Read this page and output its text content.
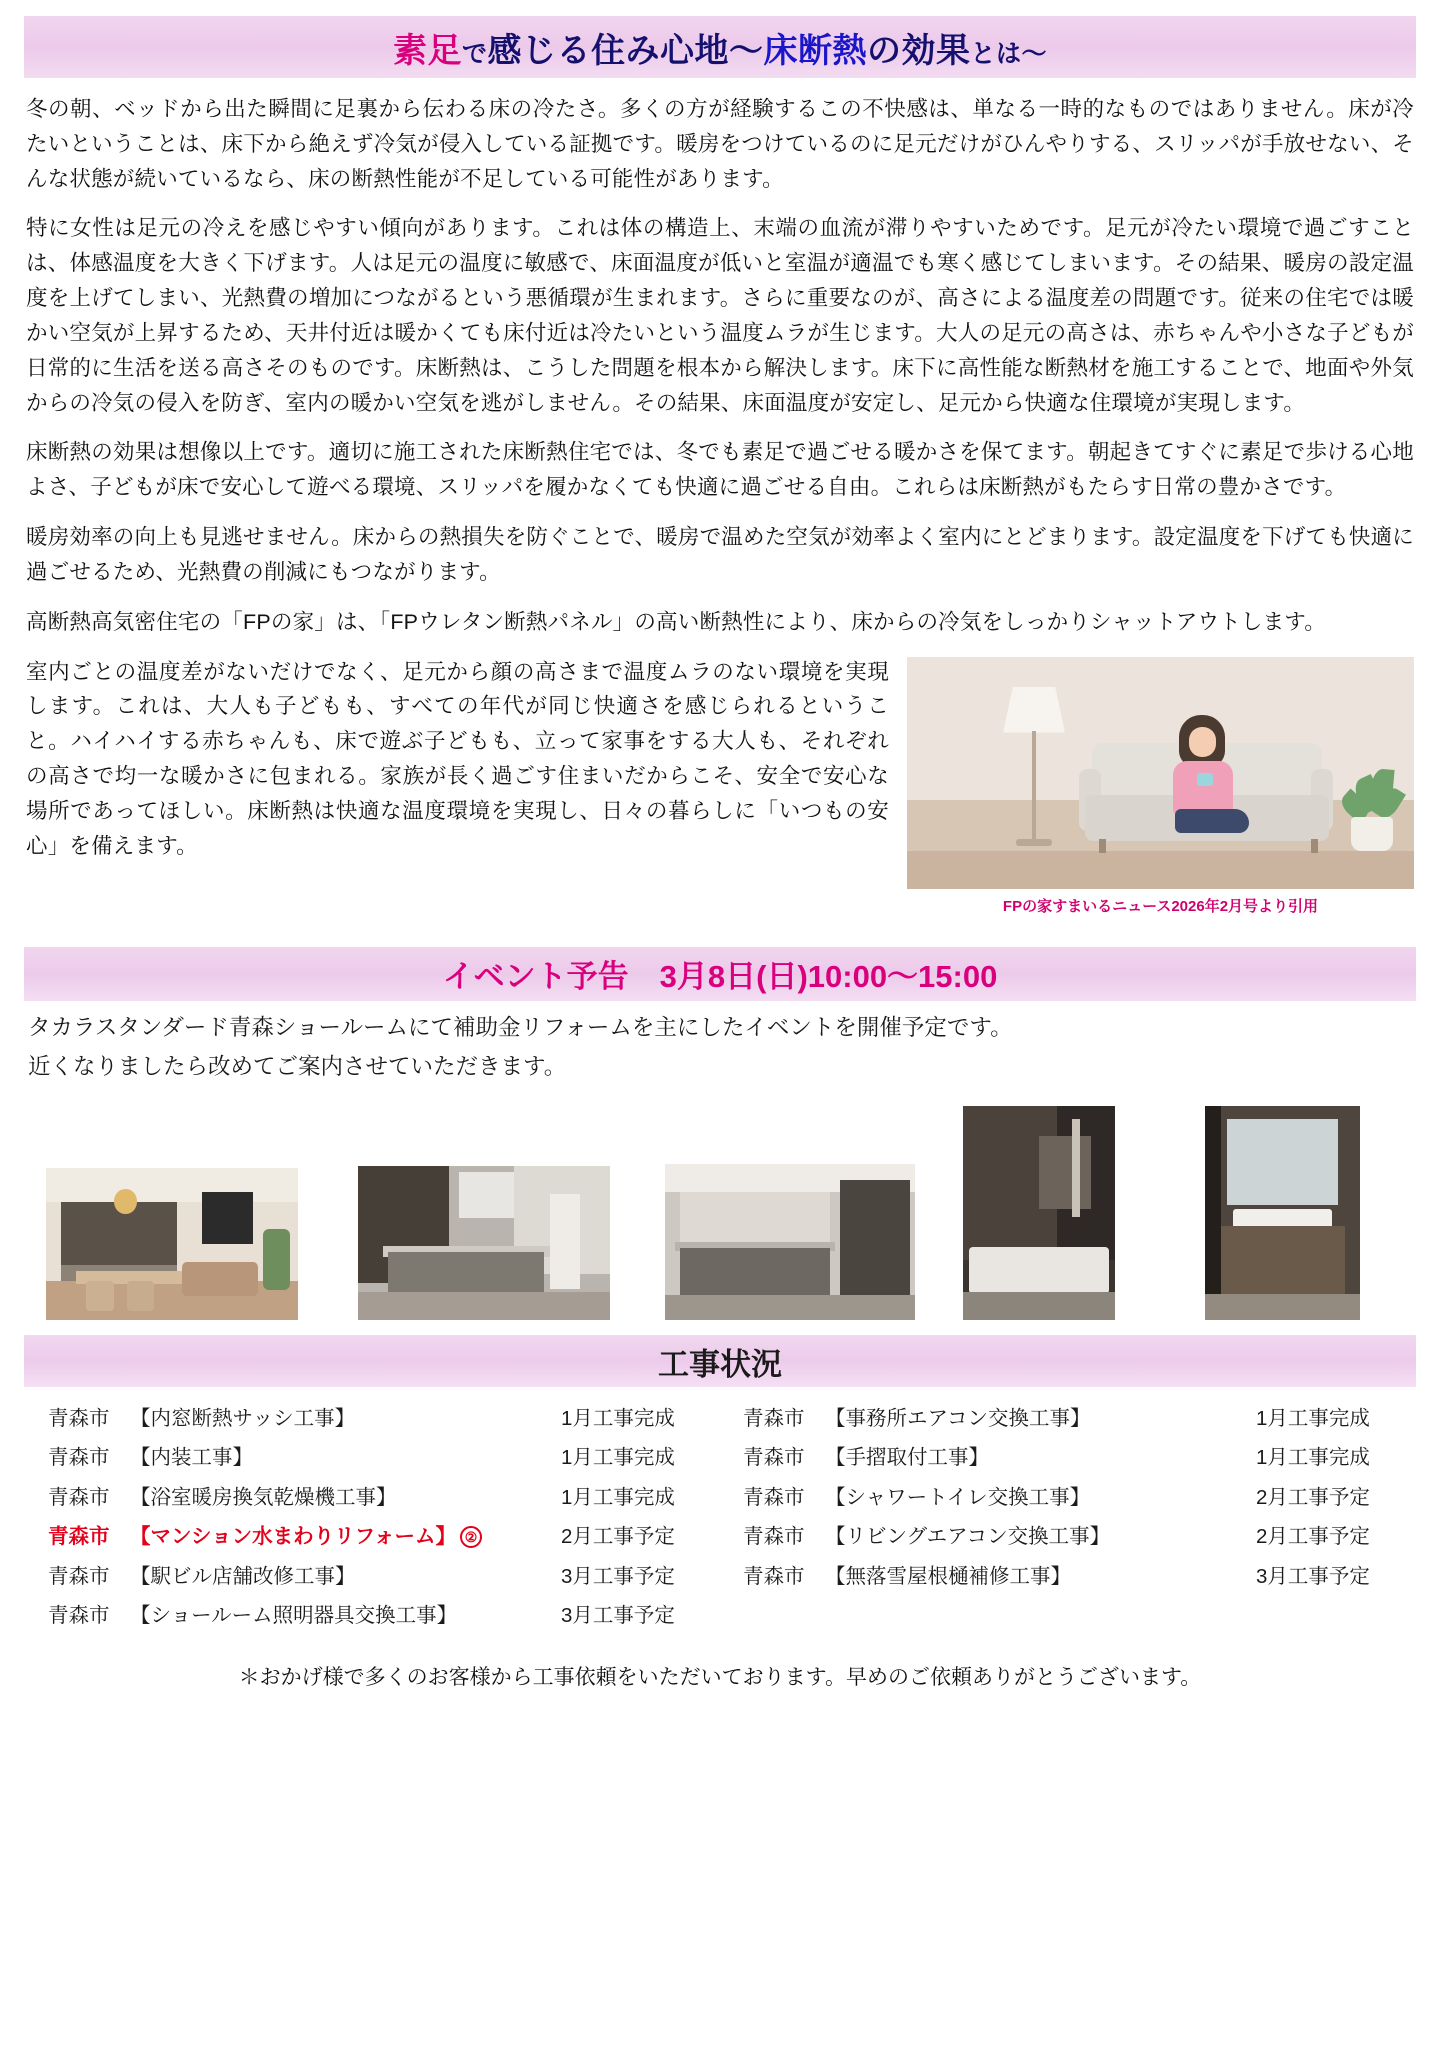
素足で感じる住み心地～床断熱の効果とは～

冬の朝、ベッドから出た瞬間に足裏から伝わる床の冷たさ。多くの方が経験するこの不快感は、単なる一時的なものではありません。床が冷たいということは、床下から絶えず冷気が侵入している証拠です。暖房をつけているのに足元だけがひんやりする、スリッパが手放せない、そんな状態が続いているなら、床の断熱性能が不足している可能性があります。

特に女性は足元の冷えを感じやすい傾向があります。これは体の構造上、末端の血流が滞りやすいためです。足元が冷たい環境で過ごすことは、体感温度を大きく下げます。人は足元の温度に敏感で、床面温度が低いと室温が適温でも寒く感じてしまいます。その結果、暖房の設定温度を上げてしまい、光熱費の増加につながるという悪循環が生まれます。さらに重要なのが、高さによる温度差の問題です。従来の住宅では暖かい空気が上昇するため、天井付近は暖かくても床付近は冷たいという温度ムラが生じます。大人の足元の高さは、赤ちゃんや小さな子どもが日常的に生活を送る高さそのものです。床断熱は、こうした問題を根本から解決します。床下に高性能な断熱材を施工することで、地面や外気からの冷気の侵入を防ぎ、室内の暖かい空気を逃がしません。その結果、床面温度が安定し、足元から快適な住環境が実現します。

床断熱の効果は想像以上です。適切に施工された床断熱住宅では、冬でも素足で過ごせる暖かさを保てます。朝起きてすぐに素足で歩ける心地よさ、子どもが床で安心して遊べる環境、スリッパを履かなくても快適に過ごせる自由。これらは床断熱がもたらす日常の豊かさです。

暖房効率の向上も見逃せません。床からの熱損失を防ぐことで、暖房で温めた空気が効率よく室内にとどまります。設定温度を下げても快適に過ごせるため、光熱費の削減にもつながります。

高断熱高気密住宅の「FPの家」は、「FPウレタン断熱パネル」の高い断熱性により、床からの冷気をしっかりシャットアウトします。

室内ごとの温度差がないだけでなく、足元から顔の高さまで温度ムラのない環境を実現します。これは、大人も子どもも、すべての年代が同じ快適さを感じられるということ。ハイハイする赤ちゃんも、床で遊ぶ子どもも、立って家事をする大人も、それぞれの高さで均一な暖かさに包まれる。家族が長く過ごす住まいだからこそ、安全で安心な場所であってほしい。床断熱は快適な温度環境を実現し、日々の暮らしに「いつもの安心」を備えます。

FPの家すまいるニュース2026年2月号より引用
イベント予告　3月8日(日)10:00～15:00

タカラスタンダード青森ショールームにて補助金リフォームを主にしたイベントを開催予定です。

近くなりましたら改めてご案内させていただきます。

工事状況
青森市	【内窓断熱サッシ工事】	1月工事完成
青森市	【内装工事】	1月工事完成
青森市	【浴室暖房換気乾燥機工事】	1月工事完成
青森市	【マンション水まわりリフォーム】 ②	2月工事予定
青森市	【駅ビル店舗改修工事】	3月工事予定
青森市	【ショールーム照明器具交換工事】	3月工事予定
青森市	【事務所エアコン交換工事】	1月工事完成
青森市	【手摺取付工事】	1月工事完成
青森市	【シャワートイレ交換工事】	2月工事予定
青森市	【リビングエアコン交換工事】	2月工事予定
青森市	【無落雪屋根樋補修工事】	3月工事予定
＊おかげ様で多くのお客様から工事依頼をいただいております。早めのご依頼ありがとうございます。
